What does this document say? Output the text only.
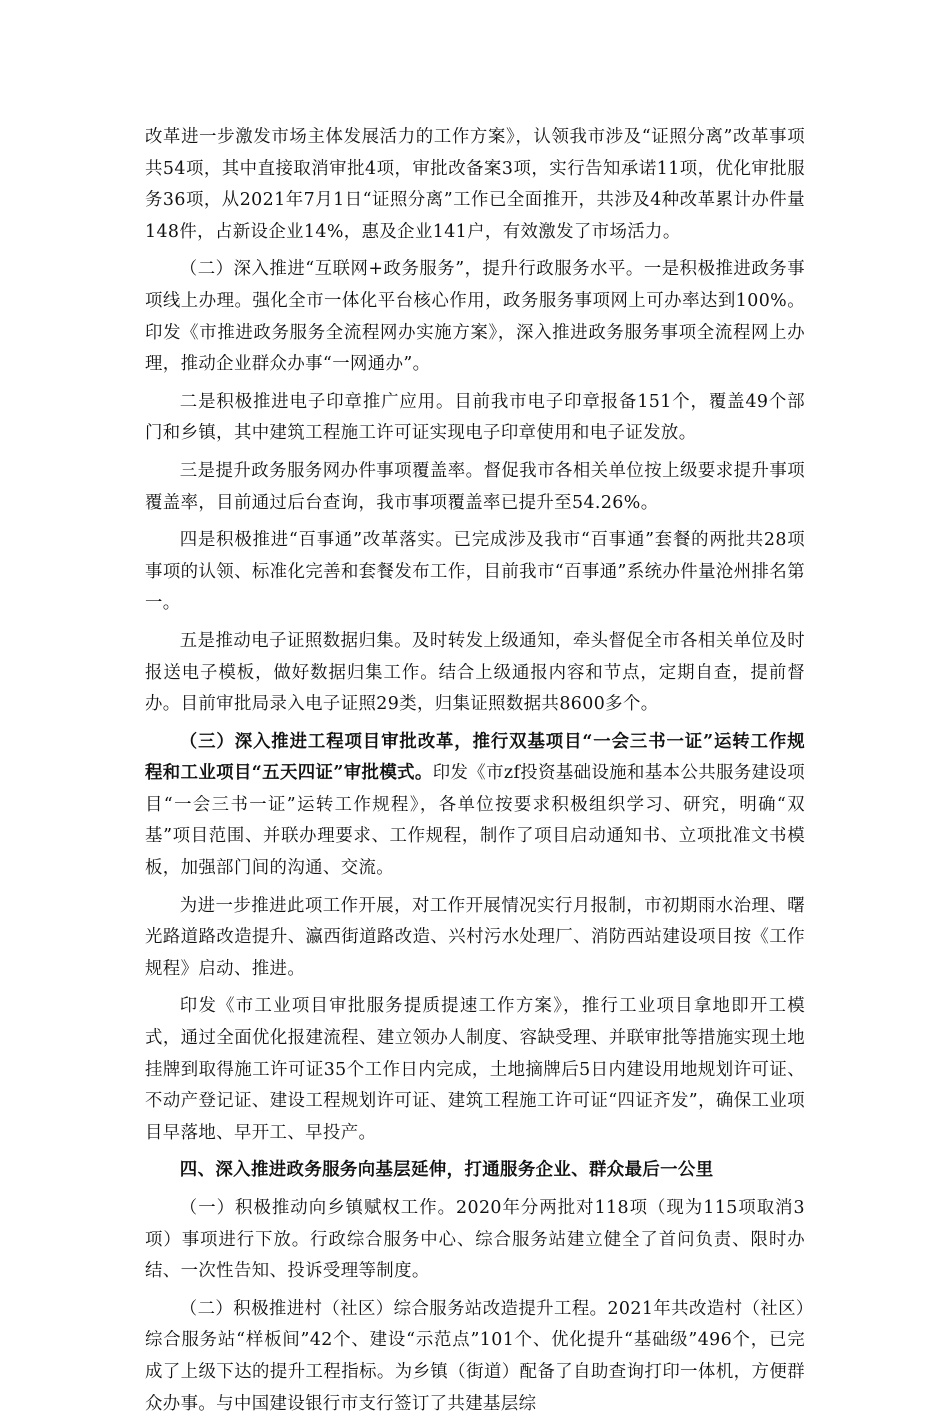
改革进一步激发市场主体发展活力的工作方案》，认领我市涉及“证照分离”改革事项共54项，其中直接取消审批4项，审批改备案3项，实行告知承诺11项，优化审批服务36项，从2021年7月1日“证照分离”工作已全面推开，共涉及4种改革累计办件量148件，占新设企业14%，惠及企业141户，有效激发了市场活力。

（二）深入推进“互联网+政务服务”，提升行政服务水平。一是积极推进政务事项线上办理。强化全市一体化平台核心作用，政务服务事项网上可办率达到100%。印发《市推进政务服务全流程网办实施方案》，深入推进政务服务事项全流程网上办理，推动企业群众办事“一网通办”。

二是积极推进电子印章推广应用。目前我市电子印章报备151个，覆盖49个部门和乡镇，其中建筑工程施工许可证实现电子印章使用和电子证发放。

三是提升政务服务网办件事项覆盖率。督促我市各相关单位按上级要求提升事项覆盖率，目前通过后台查询，我市事项覆盖率已提升至54.26%。

四是积极推进“百事通”改革落实。已完成涉及我市“百事通”套餐的两批共28项事项的认领、标准化完善和套餐发布工作，目前我市“百事通”系统办件量沧州排名第一。

五是推动电子证照数据归集。及时转发上级通知，牵头督促全市各相关单位及时报送电子模板，做好数据归集工作。结合上级通报内容和节点，定期自查，提前督办。目前审批局录入电子证照29类，归集证照数据共8600多个。

（三）深入推进工程项目审批改革，推行双基项目“一会三书一证”运转工作规程和工业项目“五天四证”审批模式。印发《市zf投资基础设施和基本公共服务建设项目“一会三书一证”运转工作规程》，各单位按要求积极组织学习、研究，明确“双基”项目范围、并联办理要求、工作规程，制作了项目启动通知书、立项批准文书模板，加强部门间的沟通、交流。

为进一步推进此项工作开展，对工作开展情况实行月报制，市初期雨水治理、曙光路道路改造提升、瀛西街道路改造、兴村污水处理厂、消防西站建设项目按《工作规程》启动、推进。

印发《市工业项目审批服务提质提速工作方案》，推行工业项目拿地即开工模式，通过全面优化报建流程、建立领办人制度、容缺受理、并联审批等措施实现土地挂牌到取得施工许可证35个工作日内完成，土地摘牌后5日内建设用地规划许可证、不动产登记证、建设工程规划许可证、建筑工程施工许可证“四证齐发”，确保工业项目早落地、早开工、早投产。

四、深入推进政务服务向基层延伸，打通服务企业、群众最后一公里

（一）积极推动向乡镇赋权工作。2020年分两批对118项（现为115项取消3项）事项进行下放。行政综合服务中心、综合服务站建立健全了首问负责、限时办结、一次性告知、投诉受理等制度。

（二）积极推进村（社区）综合服务站改造提升工程。2021年共改造村（社区）综合服务站“样板间”42个、建设“示范点”101个、优化提升“基础级”496个，已完成了上级下达的提升工程指标。为乡镇（街道）配备了自助查询打印一体机，方便群众办事。与中国建设银行市支行签订了共建基层综
